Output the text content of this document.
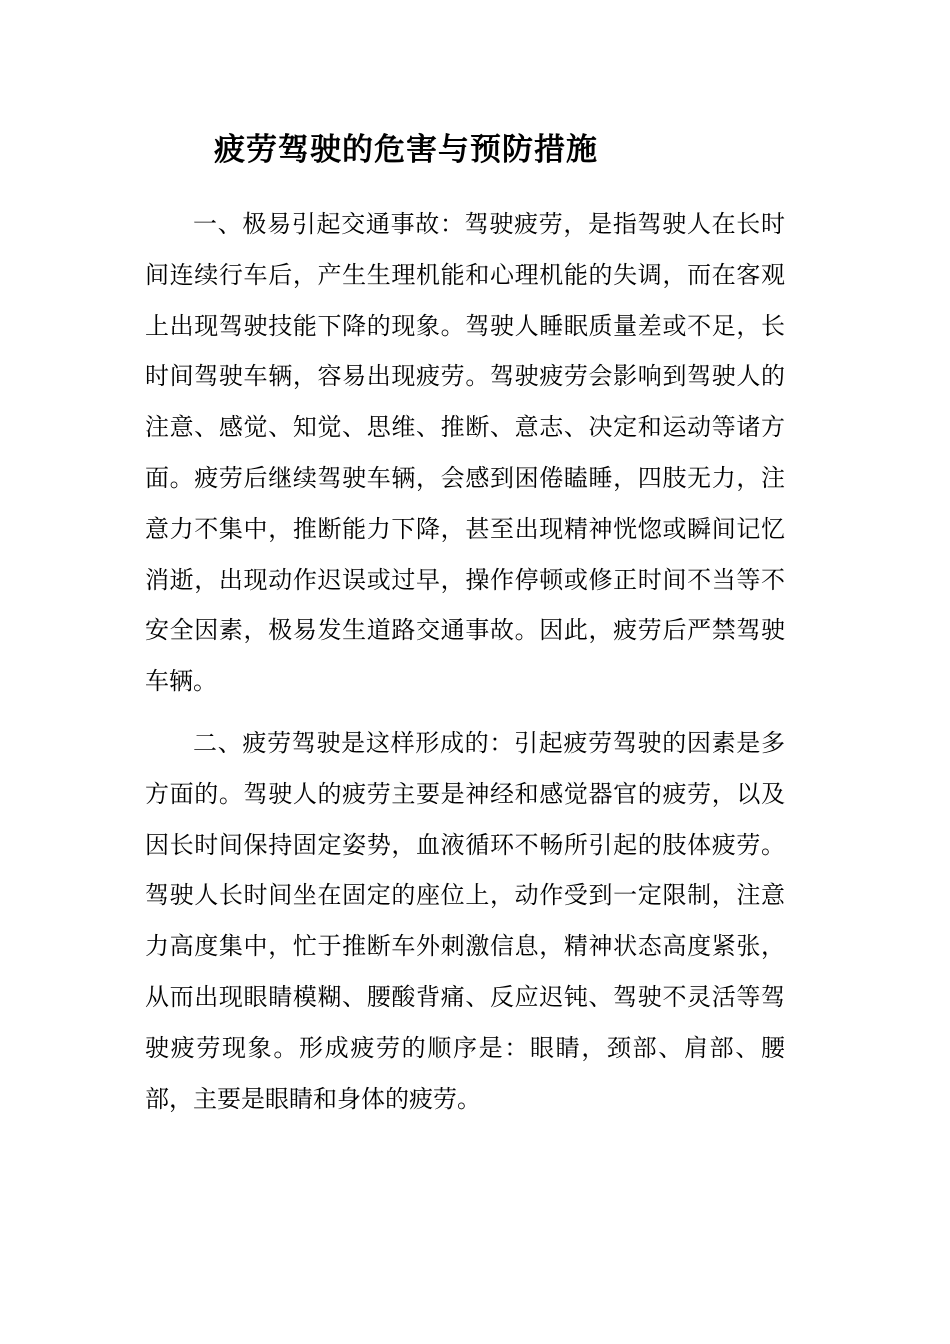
疲劳驾驶的危害与预防措施

一、极易引起交通事故：驾驶疲劳，是指驾驶人在长时间连续行车后，产生生理机能和心理机能的失调，而在客观上出现驾驶技能下降的现象。驾驶人睡眠质量差或不足，长时间驾驶车辆，容易出现疲劳。驾驶疲劳会影响到驾驶人的注意、感觉、知觉、思维、推断、意志、决定和运动等诸方面。疲劳后继续驾驶车辆，会感到困倦瞌睡，四肢无力，注意力不集中，推断能力下降，甚至出现精神恍惚或瞬间记忆消逝，出现动作迟误或过早，操作停顿或修正时间不当等不安全因素，极易发生道路交通事故。因此，疲劳后严禁驾驶车辆。

二、疲劳驾驶是这样形成的：引起疲劳驾驶的因素是多方面的。驾驶人的疲劳主要是神经和感觉器官的疲劳，以及因长时间保持固定姿势，血液循环不畅所引起的肢体疲劳。驾驶人长时间坐在固定的座位上，动作受到一定限制，注意力高度集中，忙于推断车外刺激信息，精神状态高度紧张，从而出现眼睛模糊、腰酸背痛、反应迟钝、驾驶不灵活等驾驶疲劳现象。形成疲劳的顺序是：眼睛，颈部、肩部、腰部，主要是眼睛和身体的疲劳。
